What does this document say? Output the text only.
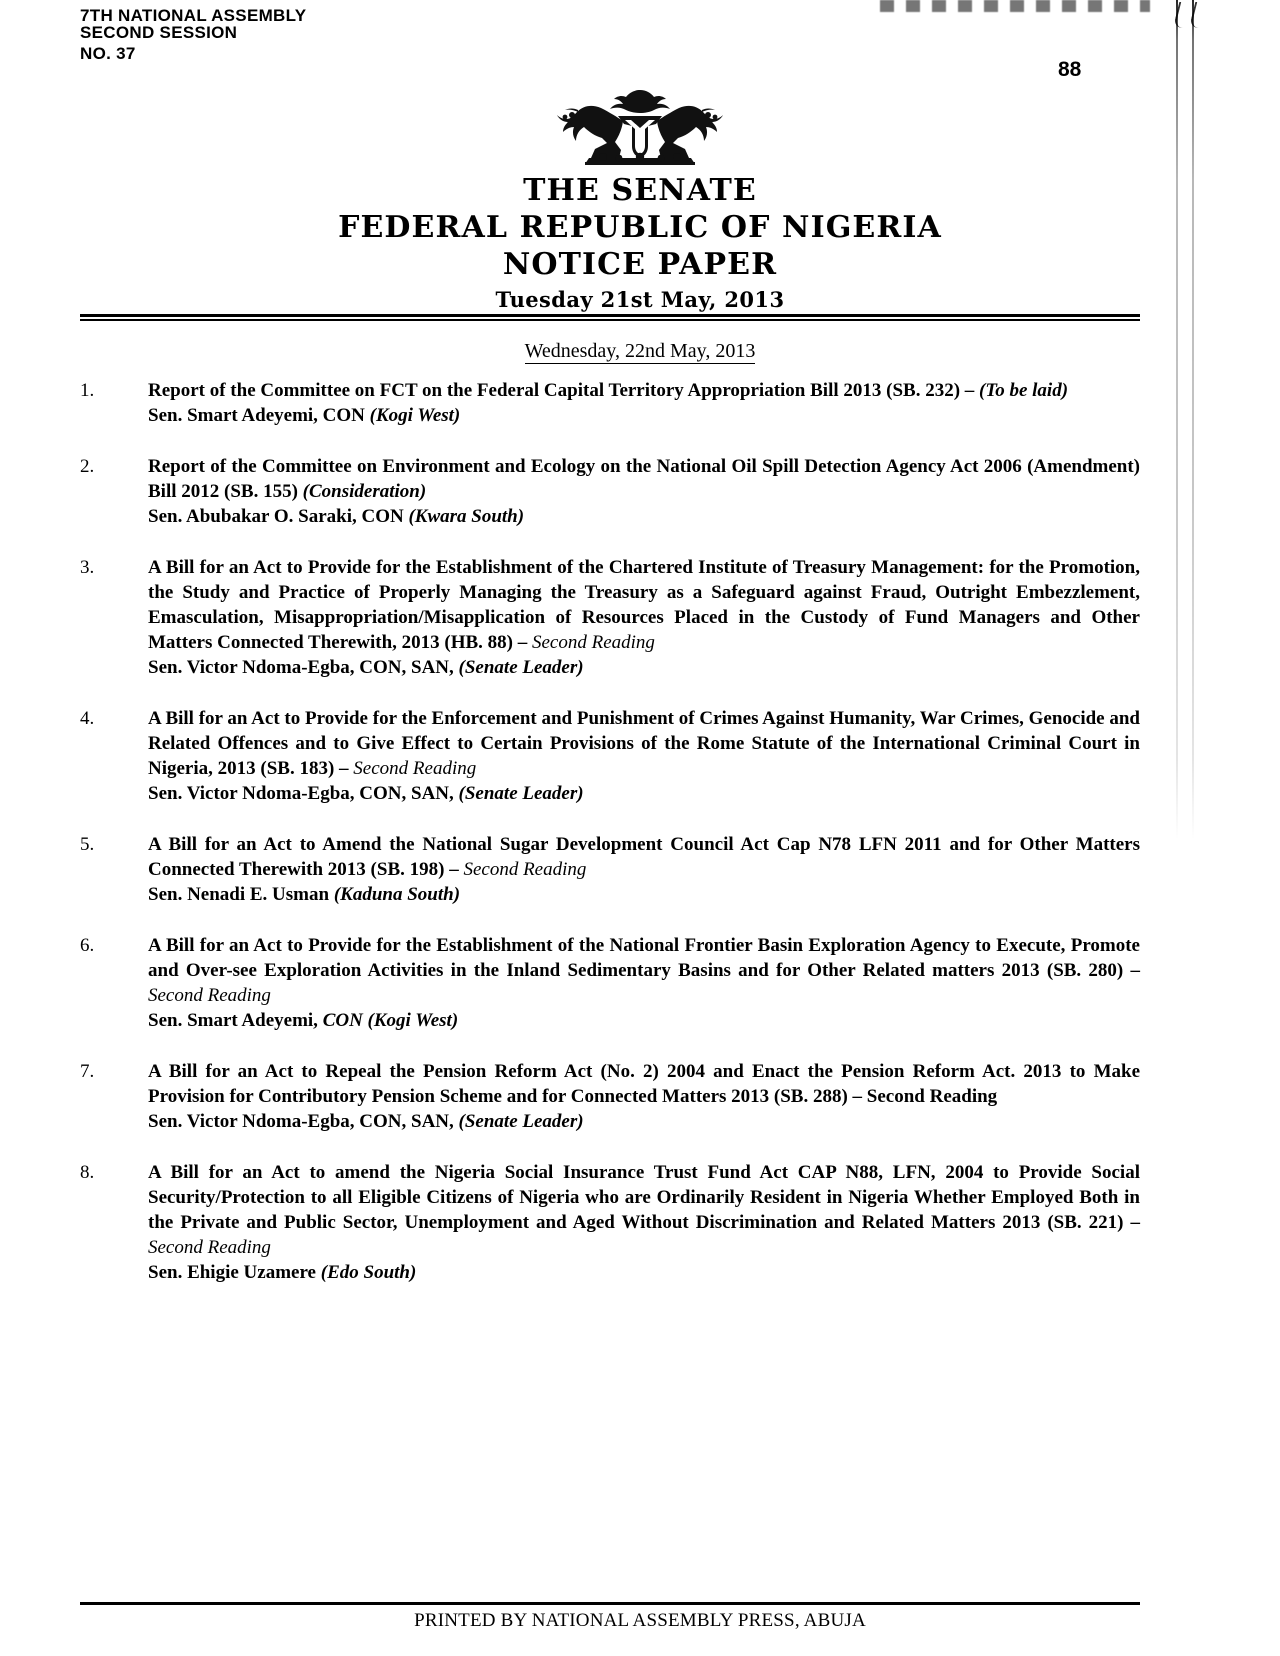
7TH NATIONAL ASSEMBLY
SECOND SESSION
NO. 37
88
THE SENATE
FEDERAL REPUBLIC OF NIGERIA
NOTICE PAPER
Tuesday 21st May, 2013
Wednesday, 22nd May, 2013
1.	Report of the Committee on FCT on the Federal Capital Territory Appropriation Bill 2013 (SB. 232) – (To be laid)
Sen. Smart Adeyemi, CON (Kogi West)
2.	Report of the Committee on Environment and Ecology on the National Oil Spill Detection Agency Act 2006 (Amendment) Bill 2012 (SB. 155) (Consideration)
Sen. Abubakar O. Saraki, CON (Kwara South)
3.	A Bill for an Act to Provide for the Establishment of the Chartered Institute of Treasury Management: for the Promotion, the Study and Practice of Properly Managing the Treasury as a Safeguard against Fraud, Outright Embezzlement, Emasculation, Misappropriation/Misapplication of Resources Placed in the Custody of Fund Managers and Other Matters Connected Therewith, 2013 (HB. 88) – Second Reading
Sen. Victor Ndoma-Egba, CON, SAN, (Senate Leader)
4.	A Bill for an Act to Provide for the Enforcement and Punishment of Crimes Against Humanity, War Crimes, Genocide and Related Offences and to Give Effect to Certain Provisions of the Rome Statute of the International Criminal Court in Nigeria, 2013 (SB. 183) – Second Reading
Sen. Victor Ndoma-Egba, CON, SAN, (Senate Leader)
5.	A Bill for an Act to Amend the National Sugar Development Council Act Cap N78 LFN 2011 and for Other Matters Connected Therewith 2013 (SB. 198) – Second Reading
Sen. Nenadi E. Usman (Kaduna South)
6.	A Bill for an Act to Provide for the Establishment of the National Frontier Basin Exploration Agency to Execute, Promote and Over-see Exploration Activities in the Inland Sedimentary Basins and for Other Related matters 2013 (SB. 280) – Second Reading
Sen. Smart Adeyemi, CON (Kogi West)
7.	A Bill for an Act to Repeal the Pension Reform Act (No. 2) 2004 and Enact the Pension Reform Act. 2013 to Make Provision for Contributory Pension Scheme and for Connected Matters 2013 (SB. 288) – Second Reading
Sen. Victor Ndoma-Egba, CON, SAN, (Senate Leader)
8.	A Bill for an Act to amend the Nigeria Social Insurance Trust Fund Act CAP N88, LFN, 2004 to Provide Social Security/Protection to all Eligible Citizens of Nigeria who are Ordinarily Resident in Nigeria Whether Employed Both in the Private and Public Sector, Unemployment and Aged Without Discrimination and Related Matters 2013 (SB. 221) – Second Reading
Sen. Ehigie Uzamere (Edo South)
PRINTED BY NATIONAL ASSEMBLY PRESS, ABUJA
